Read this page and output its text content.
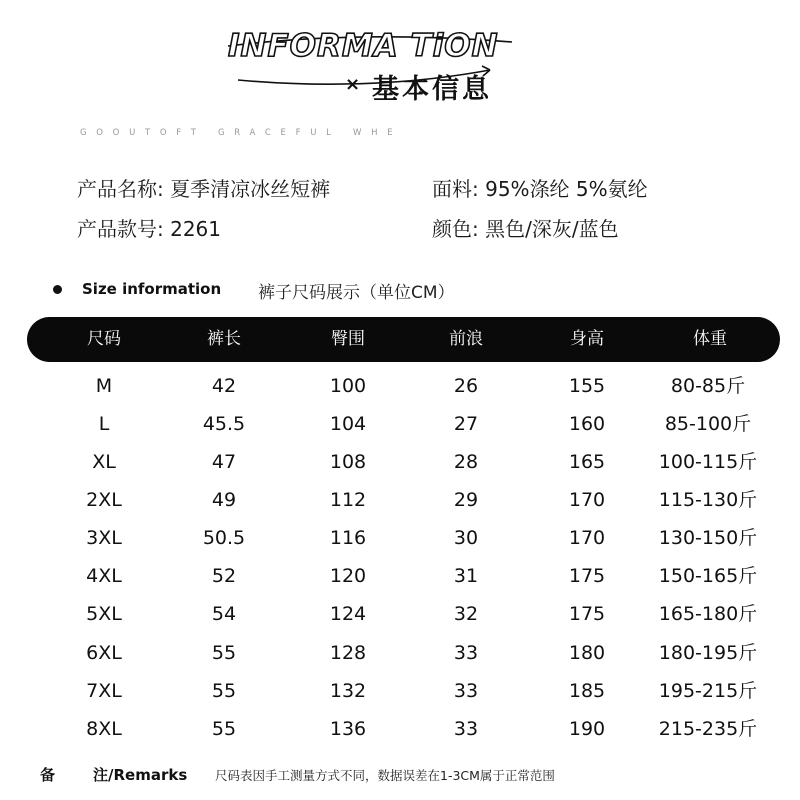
INFORMA TiON
× 基本信息
GOOUTOFT GRACEFUL WHE
产品名称: 夏季清凉冰丝短裤	面料: 95%涤纶 5%氨纶
产品款号: 2261	颜色: 黑色/深灰/蓝色
Size information 裤子尺码展示（单位CM）
尺码	裤长	臀围	前浪	身高	体重
M	42	100	26	155	80-85斤
L	45.5	104	27	160	85-100斤
XL	47	108	28	165	100-115斤
2XL	49	112	29	170	115-130斤
3XL	50.5	116	30	170	130-150斤
4XL	52	120	31	175	150-165斤
5XL	54	124	32	175	165-180斤
6XL	55	128	33	180	180-195斤
7XL	55	132	33	185	195-215斤
8XL	55	136	33	190	215-235斤
备	注/Remarks 尺码表因手工测量方式不同，数据误差在1-3CM属于正常范围
